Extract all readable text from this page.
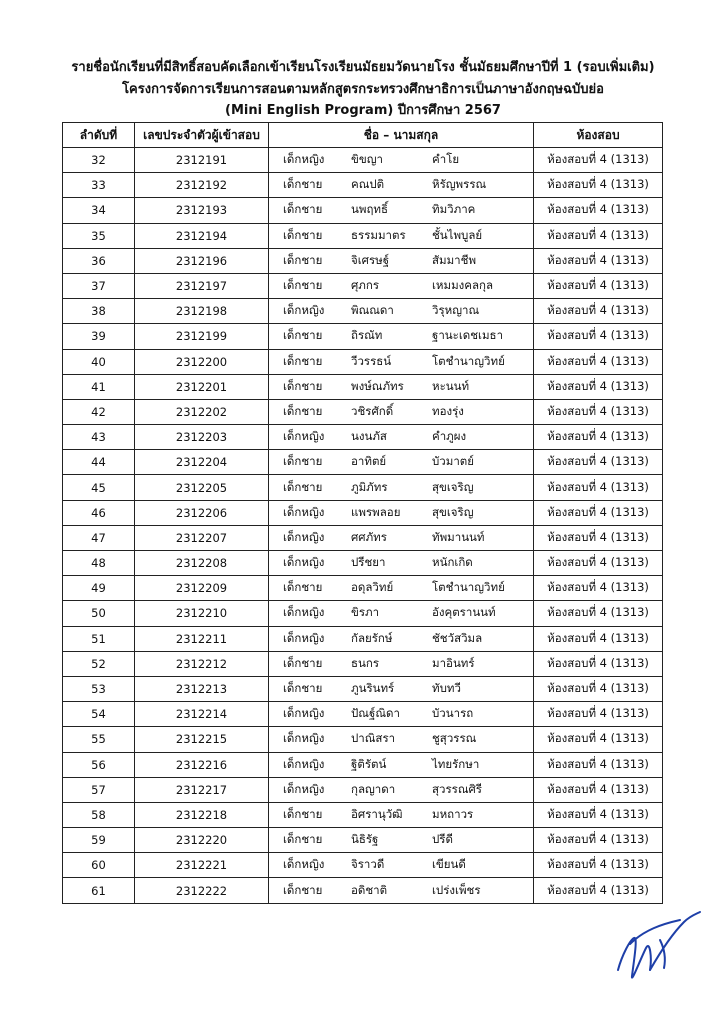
รายชื่อนักเรียนที่มีสิทธิ์สอบคัดเลือกเข้าเรียนโรงเรียนมัธยมวัดนายโรง ชั้นมัธยมศึกษาปีที่ 1 (รอบเพิ่มเติม)
โครงการจัดการเรียนการสอนตามหลักสูตรกระทรวงศึกษาธิการเป็นภาษาอังกฤษฉบับย่อ
(Mini English Program) ปีการศึกษา 2567
ลำดับที่	เลขประจำตัวผู้เข้าสอบ	ชื่อ – นามสกุล	ห้องสอบ
32	2312191	เด็กหญิง ขิขญา คำโย	ห้องสอบที่ 4 (1313)
33	2312192	เด็กชาย คณปติ หิรัญพรรณ	ห้องสอบที่ 4 (1313)
34	2312193	เด็กชาย นพฤทธิ์ ทิมวิภาค	ห้องสอบที่ 4 (1313)
35	2312194	เด็กชาย ธรรมมาตร ชั้นไพบูลย์	ห้องสอบที่ 4 (1313)
36	2312196	เด็กชาย จิเศรษฐ์ สัมมาชีพ	ห้องสอบที่ 4 (1313)
37	2312197	เด็กชาย ศุภกร เหมมงคลกุล	ห้องสอบที่ 4 (1313)
38	2312198	เด็กหญิง พิณณดา วิรุหญาณ	ห้องสอบที่ 4 (1313)
39	2312199	เด็กชาย ถิรณัท ฐานะเดชเมธา	ห้องสอบที่ 4 (1313)
40	2312200	เด็กชาย วีวรรธน์ โตชำนาญวิทย์	ห้องสอบที่ 4 (1313)
41	2312201	เด็กชาย พงษ์ณภัทร หะนนท์	ห้องสอบที่ 4 (1313)
42	2312202	เด็กชาย วชิรศักดิ์ ทองรุ่ง	ห้องสอบที่ 4 (1313)
43	2312203	เด็กหญิง นงนภัส คำภูผง	ห้องสอบที่ 4 (1313)
44	2312204	เด็กชาย อาทิตย์ บัวมาตย์	ห้องสอบที่ 4 (1313)
45	2312205	เด็กชาย ภูมิภัทร สุขเจริญ	ห้องสอบที่ 4 (1313)
46	2312206	เด็กหญิง แพรพลอย สุขเจริญ	ห้องสอบที่ 4 (1313)
47	2312207	เด็กหญิง ศศภัทร ทัพมานนท์	ห้องสอบที่ 4 (1313)
48	2312208	เด็กหญิง ปรีชยา หนักเกิด	ห้องสอบที่ 4 (1313)
49	2312209	เด็กชาย อดุลวิทย์ โตชำนาญวิทย์	ห้องสอบที่ 4 (1313)
50	2312210	เด็กหญิง ขิรภา อังคุตรานนท์	ห้องสอบที่ 4 (1313)
51	2312211	เด็กหญิง กัลยรักษ์ ชัชวัสวิมล	ห้องสอบที่ 4 (1313)
52	2312212	เด็กชาย ธนกร มาอินทร์	ห้องสอบที่ 4 (1313)
53	2312213	เด็กชาย ภูนรินทร์ ทับทวี	ห้องสอบที่ 4 (1313)
54	2312214	เด็กหญิง ปัณฐ์ณิดา บัวนารถ	ห้องสอบที่ 4 (1313)
55	2312215	เด็กหญิง ปาณิสรา ชูสุวรรณ	ห้องสอบที่ 4 (1313)
56	2312216	เด็กหญิง ฐิติรัตน์ ไทยรักษา	ห้องสอบที่ 4 (1313)
57	2312217	เด็กหญิง กุลญาดา สุวรรณศิรี	ห้องสอบที่ 4 (1313)
58	2312218	เด็กชาย อิศรานุวัฒิ มหถาวร	ห้องสอบที่ 4 (1313)
59	2312220	เด็กชาย นิธิรัฐ ปรีดี	ห้องสอบที่ 4 (1313)
60	2312221	เด็กหญิง จิราวดี เขียนดี	ห้องสอบที่ 4 (1313)
61	2312222	เด็กชาย อดิชาติ เปร่งเพ็ชร	ห้องสอบที่ 4 (1313)
